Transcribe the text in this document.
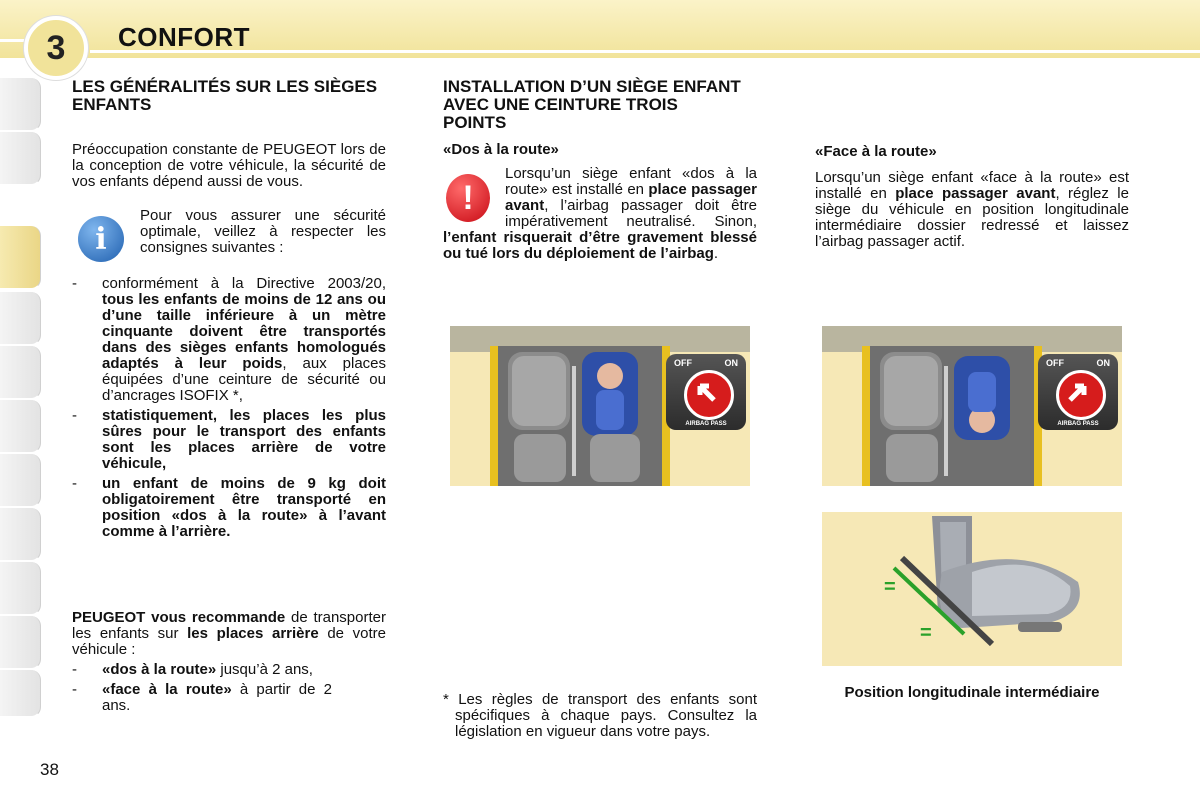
3 CONFORT

LES GÉNÉRALITÉS SUR LES SIÈGES ENFANTS

Préoccupation constante de PEUGEOT lors de la conception de votre véhicule, la sécurité de vos enfants dépend aussi de vous.

i

Pour vous assurer une sécurité optimale, veillez à respecter les consignes suivantes :

- conformément à la Directive 2003/20, tous les enfants de moins de 12 ans ou d’une taille inférieure à un mètre cinquante doivent être transportés dans des sièges enfants homologués adaptés à leur poids, aux places équipées d’une ceinture de sécurité ou d’ancrages ISOFIX *,
- statistiquement, les places les plus sûres pour le transport des enfants sont les places arrière de votre véhicule,
- un enfant de moins de 9 kg doit obligatoirement être transporté en position «dos à la route» à l’avant comme à l’arrière.

PEUGEOT vous recommande de transporter les enfants sur les places arrière de votre véhicule :

- «dos à la route» jusqu’à 2 ans,
- «face à la route» à partir de 2 ans.

INSTALLATION D’UN SIÈGE ENFANT AVEC UNE CEINTURE TROIS POINTS

«Dos à la route»

!

Lorsqu’un siège enfant «dos à la route» est installé en place passager avant, l’airbag passager doit être impérativement neutralisé. Sinon, l’enfant risquerait d’être gravement blessé ou tué lors du déploiement de l’airbag.

OFF	ON
AIRBAG PASS

* Les règles de transport des enfants sont spécifiques à chaque pays. Consultez la législation en vigueur dans votre pays.

«Face à la route»

Lorsqu’un siège enfant «face à la route» est installé en place passager avant, réglez le siège du véhicule en position longitudinale intermédiaire dossier redressé et laissez l’airbag passager actif.

OFF	ON
AIRBAG PASS
=
=

Position longitudinale intermédiaire

38
